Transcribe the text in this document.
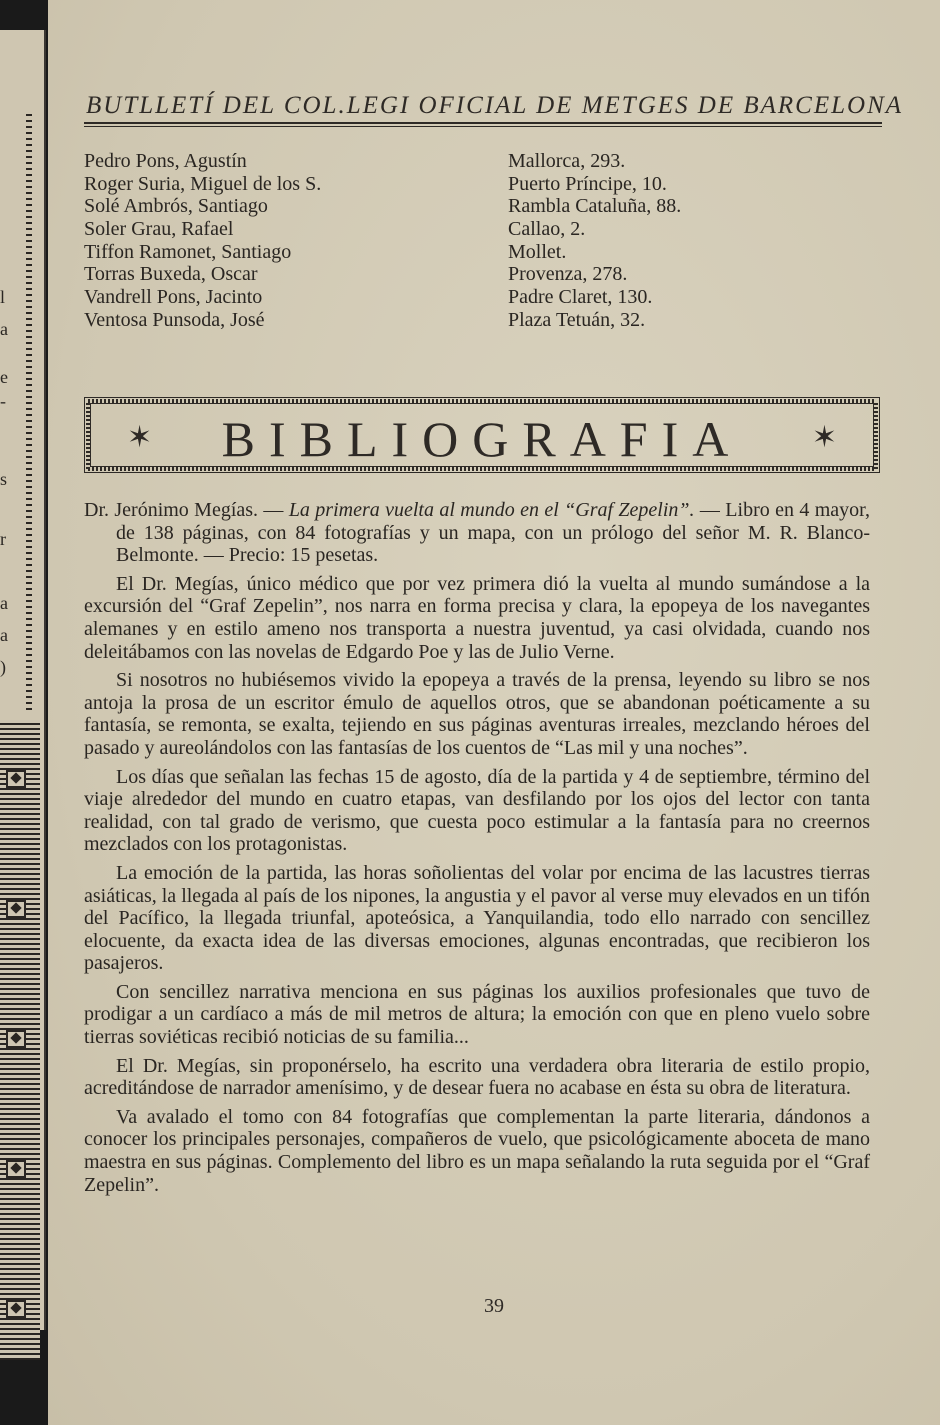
l
a
e
-
s
r
a
a
)
BUTLLETÍ DEL COL.LEGI OFICIAL DE METGES DE BARCELONA
Pedro Pons, Agustín	Mallorca, 293.
Roger Suria, Miguel de los S.	Puerto Príncipe, 10.
Solé Ambrós, Santiago	Rambla Cataluña, 88.
Soler Grau, Rafael	Callao, 2.
Tiffon Ramonet, Santiago	Mollet.
Torras Buxeda, Oscar	Provenza, 278.
Vandrell Pons, Jacinto	Padre Claret, 130.
Ventosa Punsoda, José	Plaza Tetuán, 32.
✶	BIBLIOGRAFIA	✶

Dr. Jerónimo Megías. — La primera vuelta al mundo en el “Graf Zepelin”. — Libro en 4 mayor, de 138 páginas, con 84 fotografías y un mapa, con un prólogo del señor M. R. Blanco-Belmonte. — Precio: 15 pesetas.

El Dr. Megías, único médico que por vez primera dió la vuelta al mundo sumándose a la excursión del “Graf Zepelin”, nos narra en forma precisa y clara, la epopeya de los navegantes alemanes y en estilo ameno nos transporta a nuestra juventud, ya casi olvidada, cuando nos deleitábamos con las novelas de Edgardo Poe y las de Julio Verne.

Si nosotros no hubiésemos vivido la epopeya a través de la prensa, leyendo su libro se nos antoja la prosa de un escritor émulo de aquellos otros, que se abandonan poéticamente a su fantasía, se remonta, se exalta, tejiendo en sus páginas aventuras irreales, mezclando héroes del pasado y aureolándolos con las fantasías de los cuentos de “Las mil y una noches”.

Los días que señalan las fechas 15 de agosto, día de la partida y 4 de septiembre, término del viaje alrededor del mundo en cuatro etapas, van desfilando por los ojos del lector con tanta realidad, con tal grado de verismo, que cuesta poco estimular a la fantasía para no creernos mezclados con los protagonistas.

La emoción de la partida, las horas soñolientas del volar por encima de las lacustres tierras asiáticas, la llegada al país de los nipones, la angustia y el pavor al verse muy elevados en un tifón del Pacífico, la llegada triunfal, apoteósica, a Yanquilandia, todo ello narrado con sencillez elocuente, da exacta idea de las diversas emociones, algunas encontradas, que recibieron los pasajeros.

Con sencillez narrativa menciona en sus páginas los auxilios profesionales que tuvo de prodigar a un cardíaco a más de mil metros de altura; la emoción con que en pleno vuelo sobre tierras soviéticas recibió noticias de su familia...

El Dr. Megías, sin proponérselo, ha escrito una verdadera obra literaria de estilo propio, acreditándose de narrador amenísimo, y de desear fuera no acabase en ésta su obra de literatura.

Va avalado el tomo con 84 fotografías que complementan la parte literaria, dándonos a conocer los principales personajes, compañeros de vuelo, que psicológicamente aboceta de mano maestra en sus páginas. Complemento del libro es un mapa señalando la ruta seguida por el “Graf Zepelin”.

39
